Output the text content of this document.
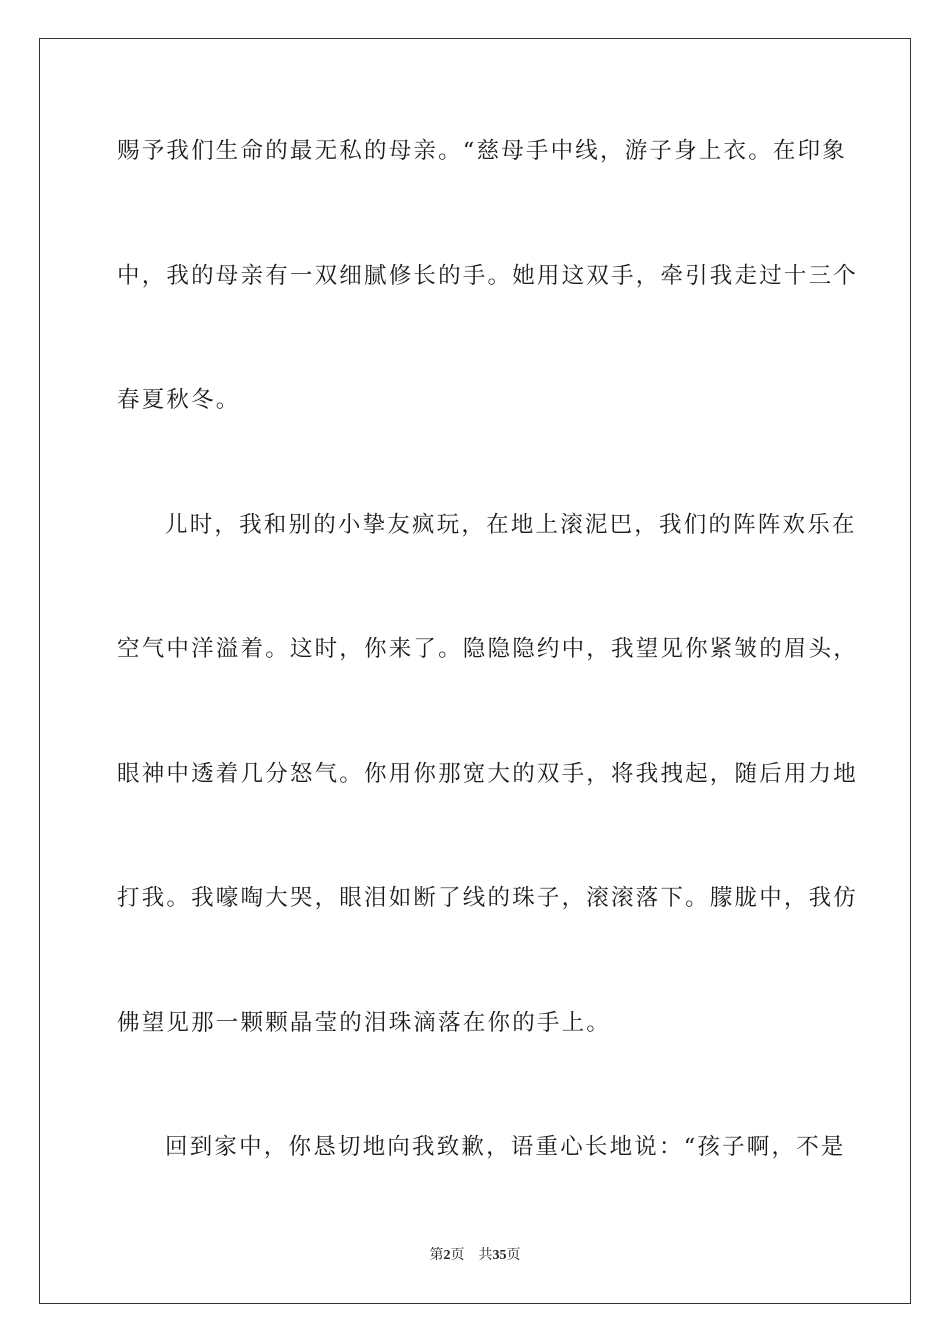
赐予我们生命的最无私的母亲。“慈母手中线，游子身上衣。在印象
中，我的母亲有一双细腻修长的手。她用这双手，牵引我走过十三个
春夏秋冬。
儿时，我和别的小挚友疯玩，在地上滚泥巴，我们的阵阵欢乐在
空气中洋溢着。这时，你来了。隐隐隐约中，我望见你紧皱的眉头，
眼神中透着几分怒气。你用你那宽大的双手，将我拽起，随后用力地
打我。我嚎啕大哭，眼泪如断了线的珠子，滚滚落下。朦胧中，我仿
佛望见那一颗颗晶莹的泪珠滴落在你的手上。
回到家中，你恳切地向我致歉，语重心长地说：“孩子啊，不是
第2页 共35页
